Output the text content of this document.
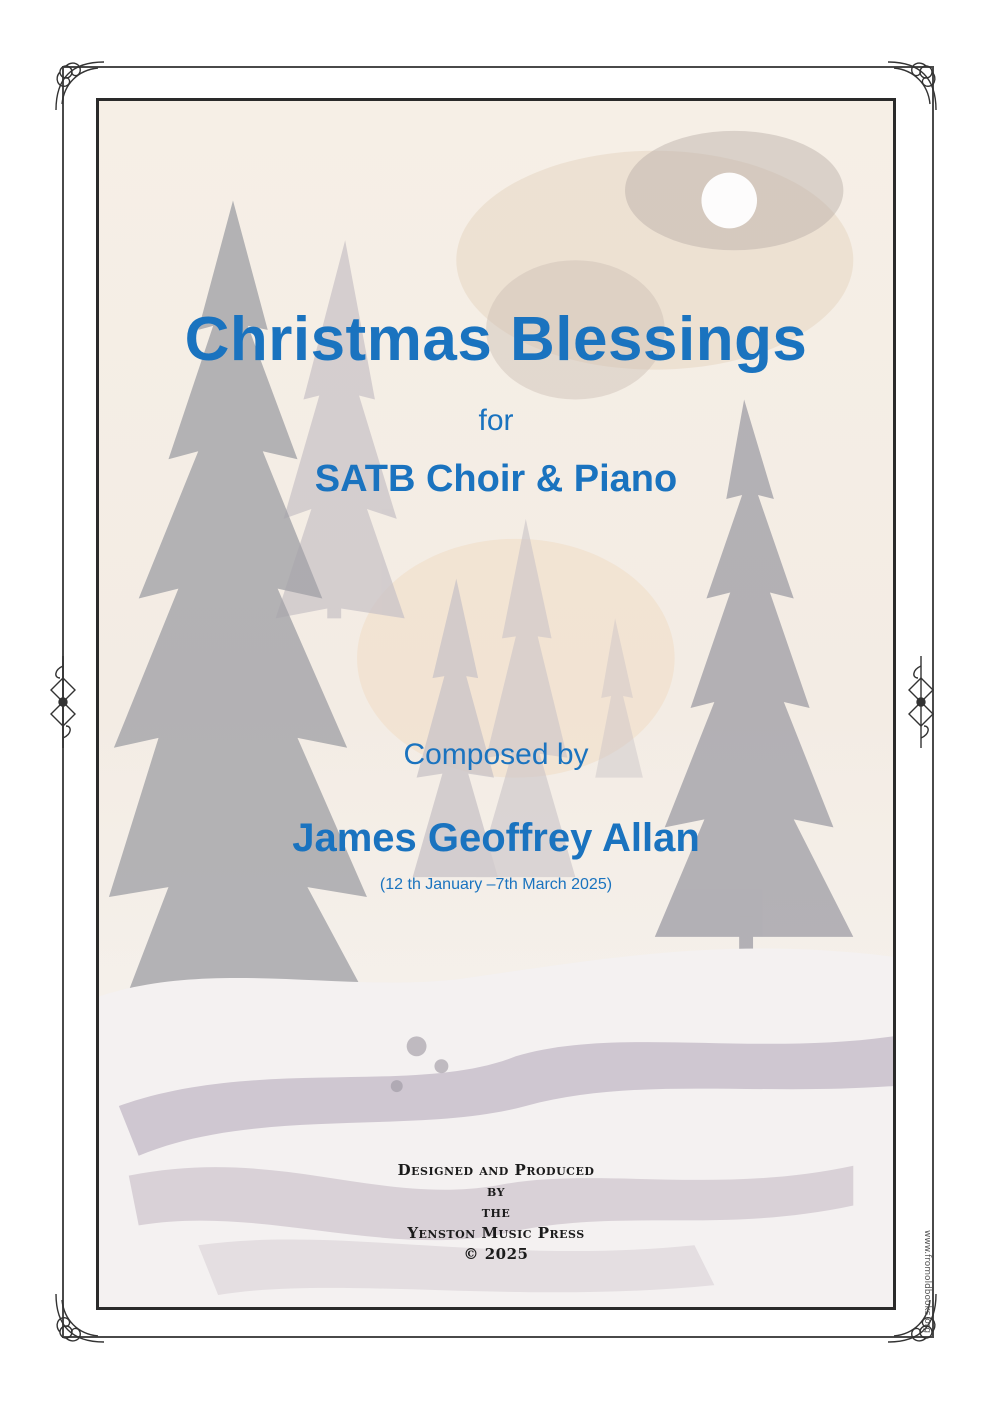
Christmas Blessings
for
SATB Choir & Piano
Composed by
James Geoffrey Allan
(12 th January –7th March 2025)
Designed and Produced
by
the
Yenston Music Press
© 2025	www.fromoldbooks.org
